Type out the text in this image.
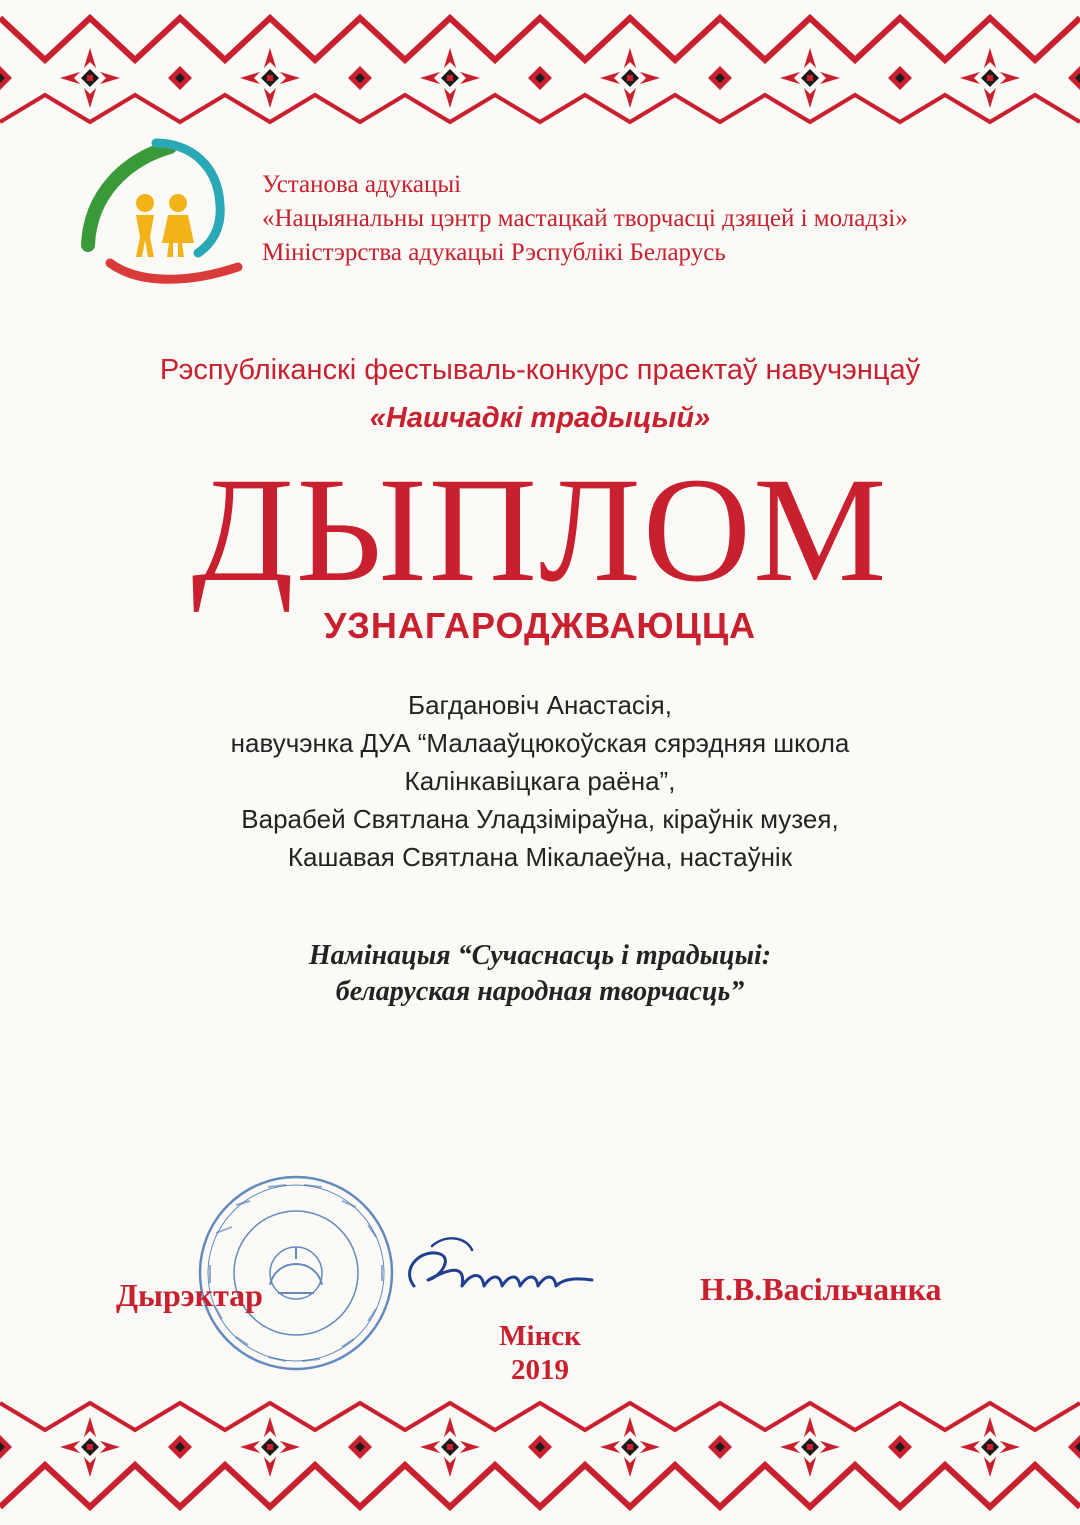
Установа адукацыі
«Нацыянальны цэнтр мастацкай творчасці дзяцей і моладзі»
Міністэрства адукацыі Рэспублікі Беларусь
Рэспубліканскі фестываль-конкурс праектаў навучэнцаў
«Нашчадкі традыцый»
ДЫПЛОМ
УЗНАГАРОДЖВАЮЦЦА
Багдановіч Анастасія,
навучэнка ДУА “Малааўцюкоўская сярэдняя школа
Калінкавіцкага раёна”,
Варабей Святлана Уладзіміраўна, кіраўнік музея,
Кашавая Святлана Мікалаеўна, настаўнік
Намінацыя “Сучаснасць і традыцыі:
беларуская народная творчасць”
Дырэктар	Н.В.Васільчанка
Мінск
2019
